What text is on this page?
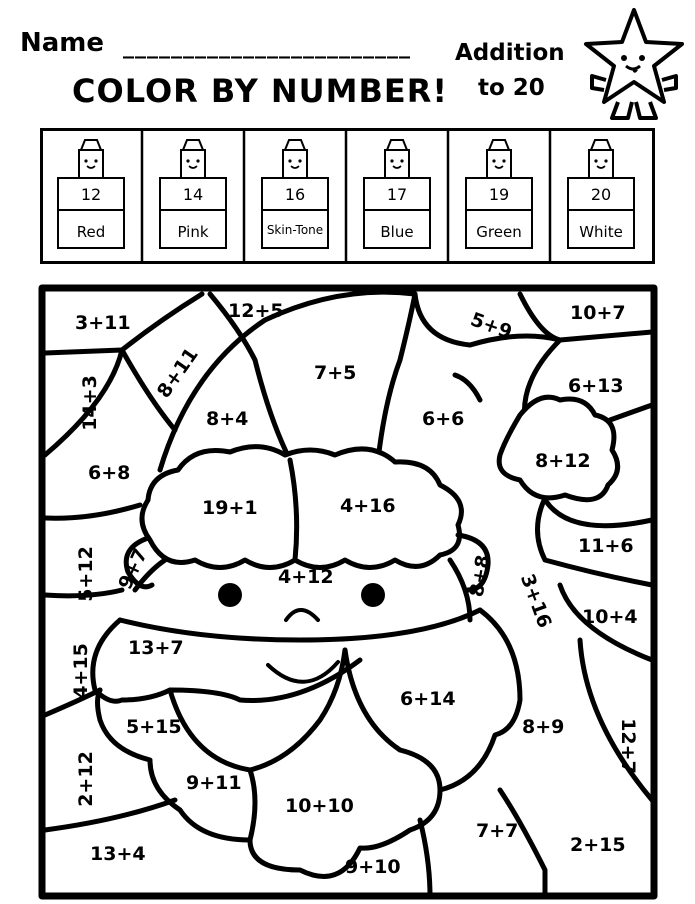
Name ________________________
COLOR BY NUMBER!
Addition
to 20
12
Red
14
Pink
16
Skin-Tone
17
Blue
19
Green
20
White
3+11
12+5	5+9	10+7
8+11
14+3
7+5
6+13
8+4	6+6
8+12
6+8
19+1	4+16
9+7
5+12	4+12	8+8 3+16
11+6
10+4
13+7
4+15
6+14
5+15	8+9	12+7
2+12	9+11
10+10
7+7
13+4	2+15
9+10
